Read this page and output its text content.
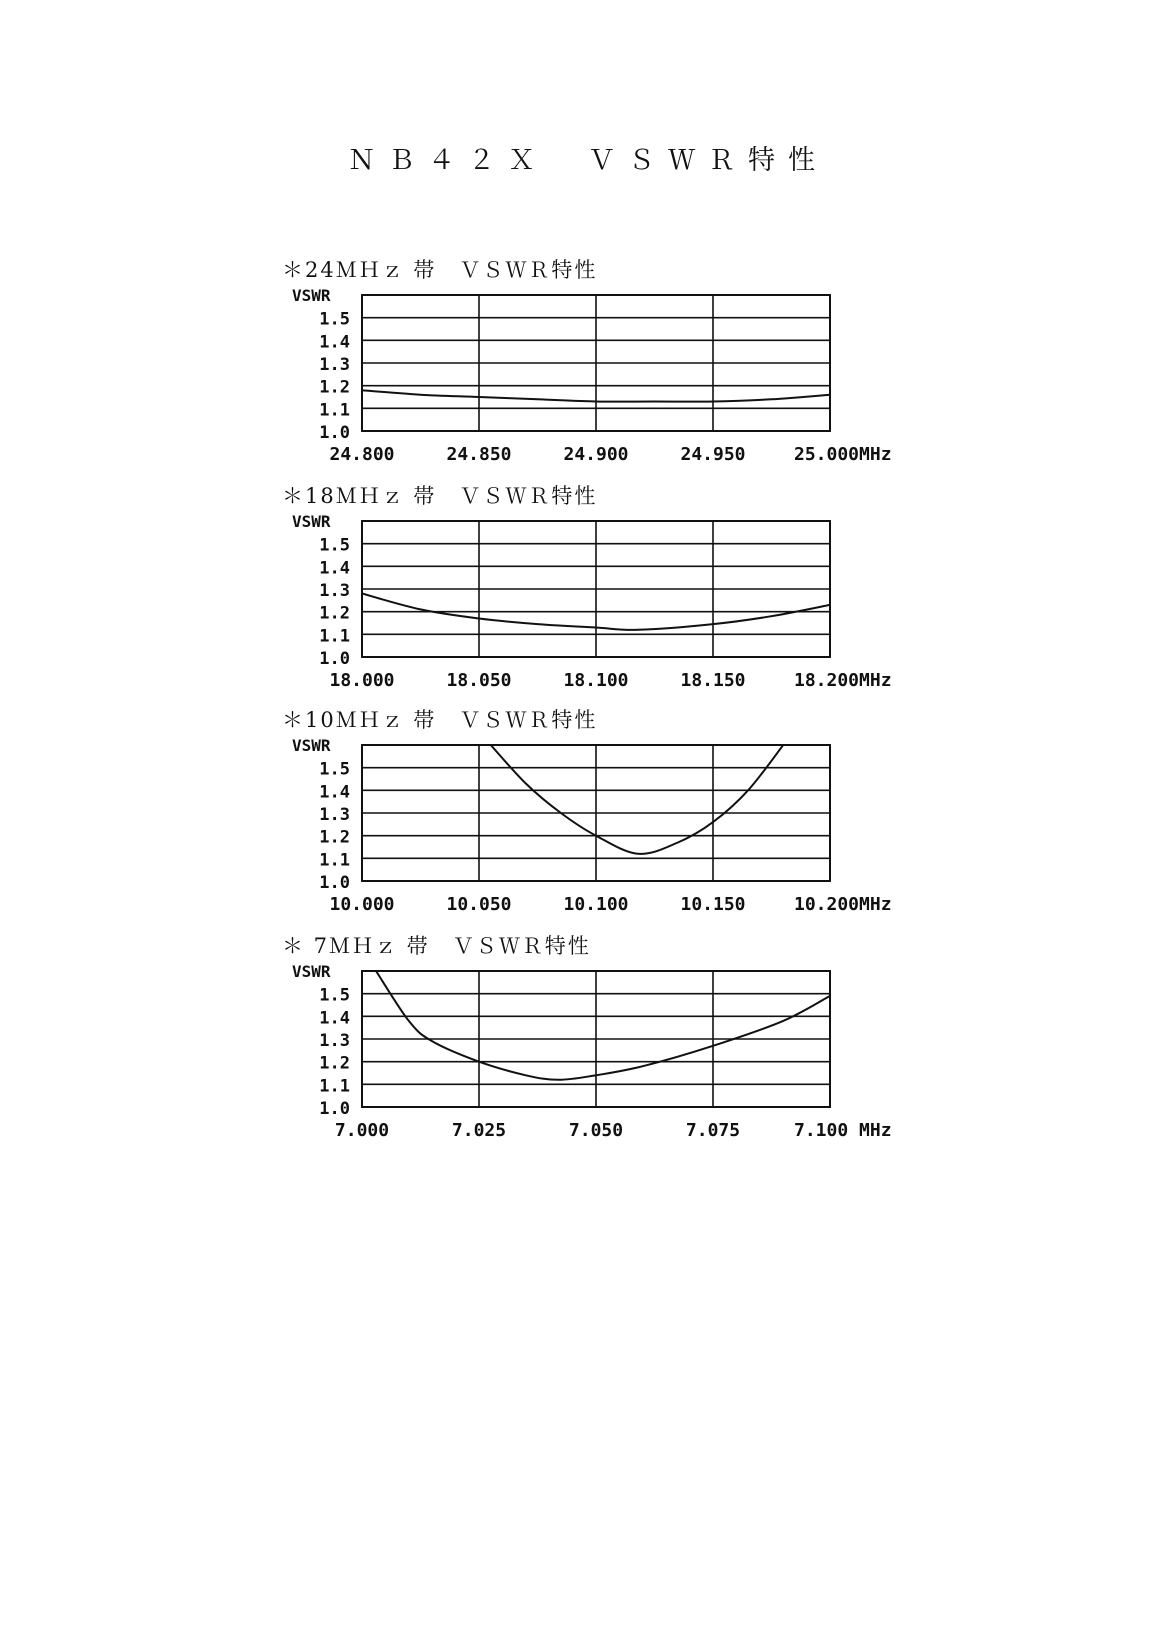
ＮＢ４２Ｘ　ＶＳＷＲ特性
＊24ＭＨｚ 帯　ＶＳＷＲ特性
VSWR
1.0
1.1
1.2
1.3
1.4
1.5
24.800	24.850	24.900	24.950	25.000MHz
＊18ＭＨｚ 帯　ＶＳＷＲ特性
VSWR
1.0
1.1
1.2
1.3
1.4
1.5
18.000	18.050	18.100	18.150	18.200MHz
＊10ＭＨｚ 帯　ＶＳＷＲ特性
VSWR
1.0
1.1
1.2
1.3
1.4
1.5
10.000	10.050	10.100	10.150	10.200MHz
＊ 7ＭＨｚ 帯　ＶＳＷＲ特性
VSWR
1.0
1.1
1.2
1.3
1.4
1.5
7.000	7.025	7.050	7.075	7.100 MHz
